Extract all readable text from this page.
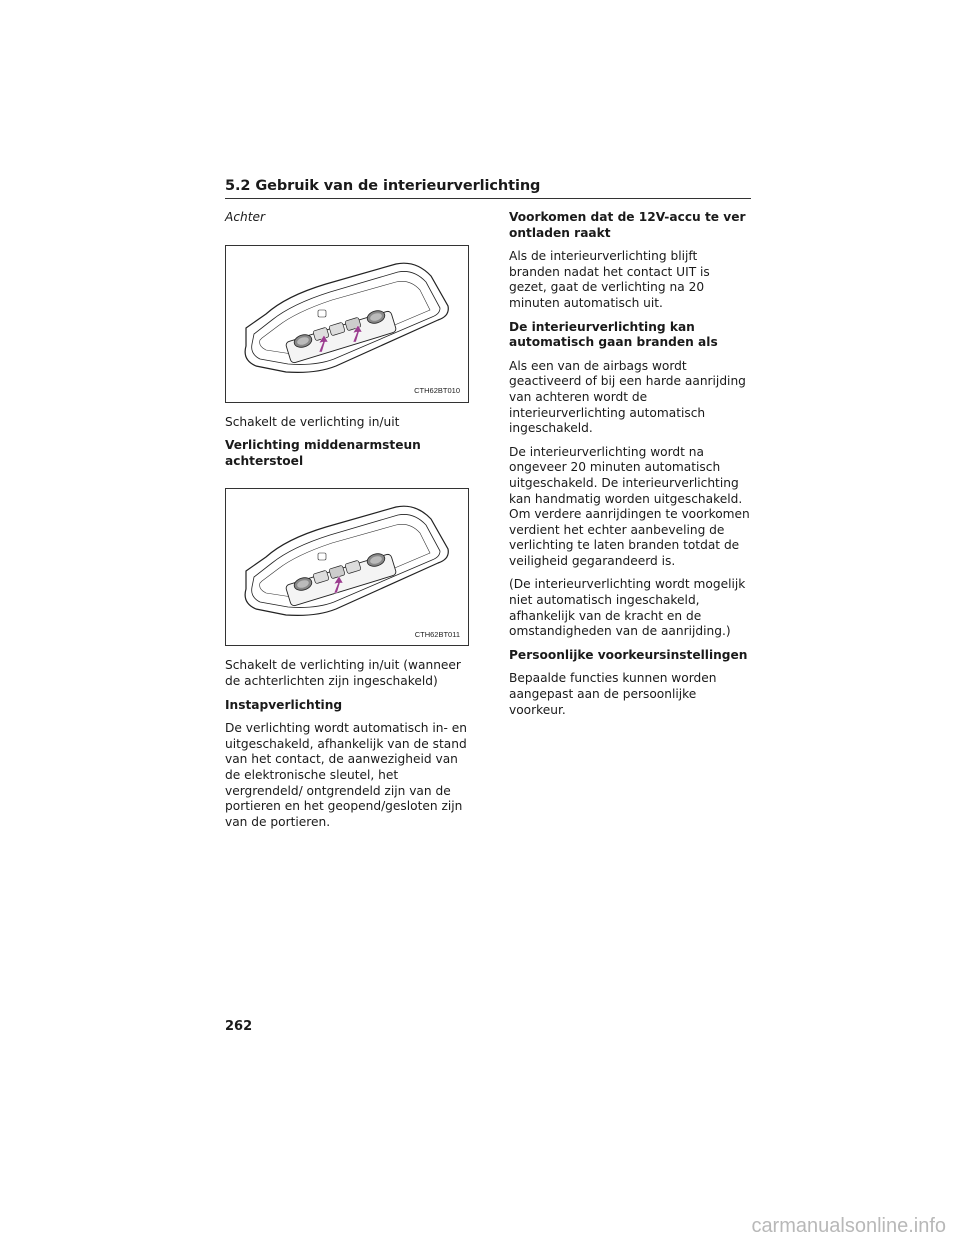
5.2 Gebruik van de interieurverlichting

Achter

CTH62BT010

Schakelt de verlichting in/uit

Verlichting middenarmsteun achterstoel

CTH62BT011

Schakelt de verlichting in/uit (wanneer de achterlichten zijn ingeschakeld)

Instapverlichting

De verlichting wordt automatisch in- en uitgeschakeld, afhankelijk van de stand van het contact, de aanwezigheid van de elektronische sleutel, het vergrendeld/ ontgrendeld zijn van de portieren en het geopend/gesloten zijn van de portieren.

Voorkomen dat de 12V-accu te ver ontladen raakt

Als de interieurverlichting blijft branden nadat het contact UIT is gezet, gaat de verlichting na 20 minuten automatisch uit.

De interieurverlichting kan automatisch gaan branden als

Als een van de airbags wordt geactiveerd of bij een harde aanrijding van achteren wordt de interieurverlichting automatisch ingeschakeld.

De interieurverlichting wordt na ongeveer 20 minuten automatisch uitgeschakeld. De interieurverlichting kan handmatig worden uitgeschakeld. Om verdere aanrijdingen te voorkomen verdient het echter aanbeveling de verlichting te laten branden totdat de veiligheid gegarandeerd is.

(De interieurverlichting wordt mogelijk niet automatisch ingeschakeld, afhankelijk van de kracht en de omstandigheden van de aanrijding.)

Persoonlijke voorkeursinstellingen

Bepaalde functies kunnen worden aangepast aan de persoonlijke voorkeur.

262
carmanualsonline.info
